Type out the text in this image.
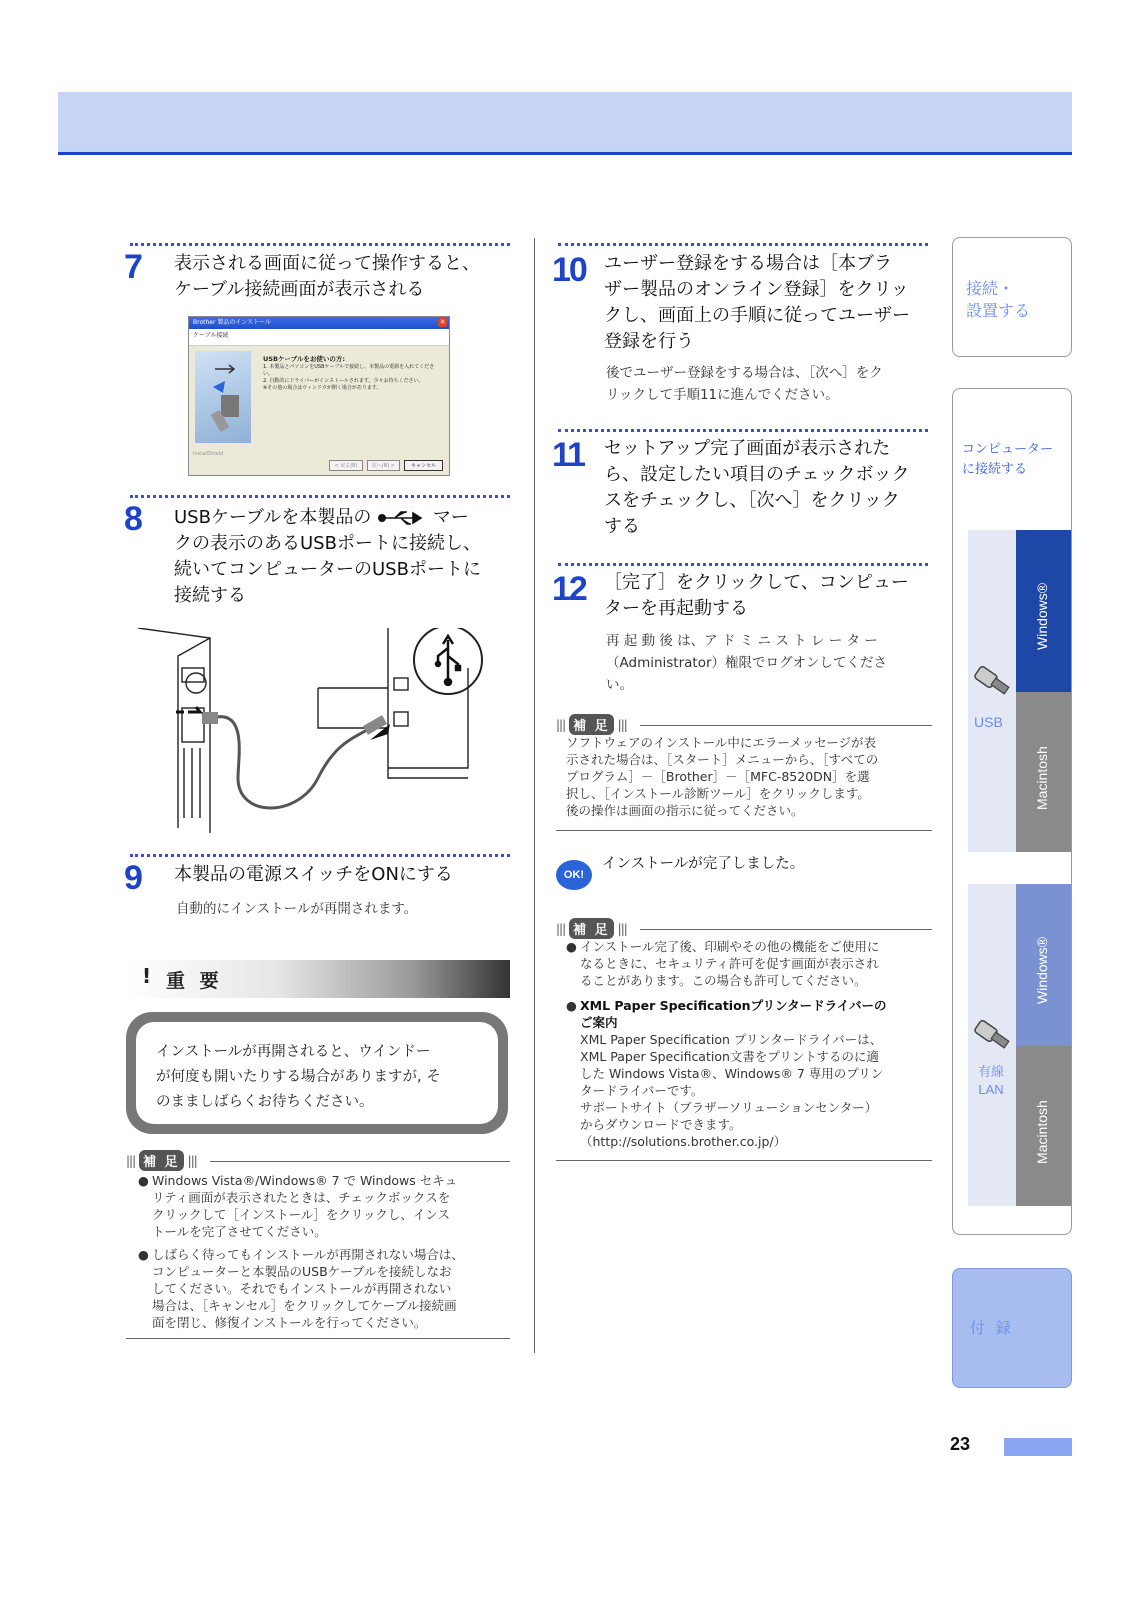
7 表示される画面に従って操作すると、
ケーブル接続画面が表示される
Brother 製品のインストール	✕
ケーブル接続
USBケーブルをお使いの方:
1. 本製品とパソコンをUSBケーブルで接続し、本製品の電源を入れてください。
2. 自動的にドライバーがインストールされます。少々お待ちください。
※その他の場合はウィンドウが開く場合があります。
InstallShield
< 戻る(B)	次へ(N) >	キャンセル
8 USBケーブルを本製品の	マー
クの表示のあるUSBポートに接続し、
続いてコンピューターのUSBポートに
接続する
9 本製品の電源スイッチをONにする
自動的にインストールが再開されます。
! 重 要
インストールが再開されると、ウインドー
が何度も開いたりする場合がありますが, そ
のまましばらくお待ちください。
||| 補 足 |||
● Windows Vista®/Windows® 7 で Windows セキュ
リティ画面が表示されたときは、チェックボックスを
クリックして［インストール］をクリックし、インス
トールを完了させてください。
● しばらく待ってもインストールが再開されない場合は、
コンピューターと本製品のUSBケーブルを接続しなお
してください。それでもインストールが再開されない
場合は、［キャンセル］をクリックしてケーブル接続画
面を閉じ、修復インストールを行ってください。
10 ユーザー登録をする場合は［本ブラ
ザー製品のオンライン登録］をクリッ
クし、画面上の手順に従ってユーザー
登録を行う
後でユーザー登録をする場合は、［次へ］をク
リックして手順11に進んでください。
11 セットアップ完了画面が表示された
ら、設定したい項目のチェックボック
スをチェックし、［次へ］をクリック
する
12 ［完了］をクリックして、コンピュー
ターを再起動する
再 起 動 後 は、ア ド ミ ニ ス ト レ ー タ ー
（Administrator）権限でログオンしてくださ
い。
||| 補 足 |||
ソフトウェアのインストール中にエラーメッセージが表
示された場合は、［スタート］メニューから、［すべての
プログラム］－［Brother］－［MFC-8520DN］を選
択し、［インストール診断ツール］をクリックします。
後の操作は画面の指示に従ってください。
OK!
インストールが完了しました。
||| 補 足 |||
● インストール完了後、印刷やその他の機能をご使用に
なるときに、セキュリティ許可を促す画面が表示され
ることがあります。この場合も許可してください。
● XML Paper Specificationプリンタードライバーの
ご案内
XML Paper Specification プリンタードライバーは、
XML Paper Specification文書をプリントするのに適
した Windows Vista®、Windows® 7 専用のプリン
タードライバーです。
サポートサイト（ブラザーソリューションセンター）
からダウンロードできます。
（http://solutions.brother.co.jp/）
接続・
設置する
コンピューター
に接続する
Windows®
Macintosh
USB
Windows®
Macintosh
有線
LAN
付 録
23
